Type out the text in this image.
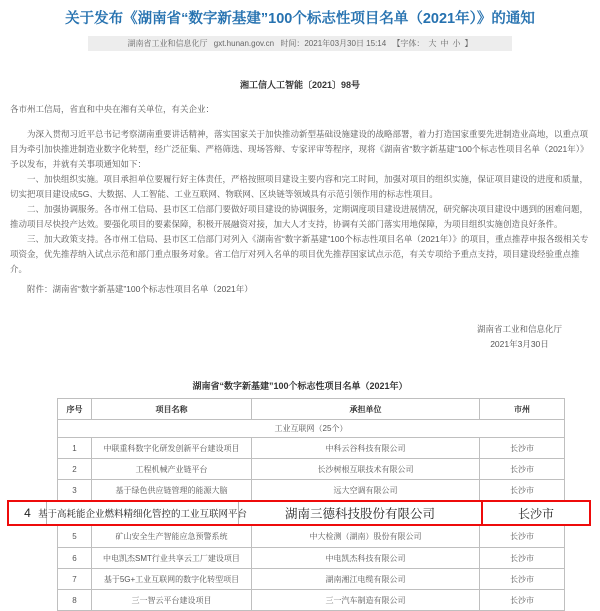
关于发布《湖南省“数字新基建”100个标志性项目名单（2021年）》的通知
湖南省工业和信息化厅 gxt.hunan.gov.cn 时间：2021年03月30日 15:14 【字体： 大 中 小 】
湘工信人工智能〔2021〕98号
各市州工信局，省直和中央在湘有关单位，有关企业：
为深入贯彻习近平总书记考察湖南重要讲话精神，落实国家关于加快推动新型基础设施建设的战略部署，着力打造国家重要先进制造业高地，以重点项目为牵引加快推进制造业数字化转型，经广泛征集、严格筛选、现场答辩、专家评审等程序，现将《湖南省“数字新基建”100个标志性项目名单（2021年）》予以发布，并就有关事项通知如下：
一、加快组织实施。项目承担单位要履行好主体责任，严格按照项目建设主要内容和完工时间，加强对项目的组织实施，保证项目建设的进度和质量，切实把项目建设成5G、大数据、人工智能、工业互联网、物联网、区块链等领域具有示范引领作用的标志性项目。
二、加强协调服务。各市州工信局、县市区工信部门要做好项目建设的协调服务，定期调度项目建设进展情况，研究解决项目建设中遇到的困难问题，推动项目尽快投产达效。要强化项目的要素保障，积极开展融资对接，加大人才支持，协调有关部门落实用地保障，为项目组织实施创造良好条件。
三、加大政策支持。各市州工信局、县市区工信部门对列入《湖南省“数字新基建”100个标志性项目名单（2021年）》的项目，重点推荐申报各级相关专项资金，优先推荐纳入试点示范和部门重点服务对象。省工信厅对列入名单的项目优先推荐国家试点示范，有关专项给予重点支持，项目建设经验重点推介。
附件：湖南省“数字新基建”100个标志性项目名单（2021年）
湖南省工业和信息化厅
2021年3月30日
湖南省“数字新基建”100个标志性项目名单（2021年）
序号	项目名称	承担单位	市州
工业互联网（25个）
1	中联重科数字化研发创新平台建设项目	中科云谷科技有限公司	长沙市
2	工程机械产业链平台	长沙树根互联技术有限公司	长沙市
3	基于绿色供应链管理的能源大脑	远大空调有限公司	长沙市
4 基于高耗能企业燃料精细化管控的工业互联网平台	湖南三德科技股份有限公司	长沙市
5	矿山安全生产智能应急预警系统	中大检测（湖南）股份有限公司	长沙市
6	中电凯杰SMT行业共享云工厂建设项目	中电凯杰科技有限公司	长沙市
7	基于5G+工业互联网的数字化转型项目	湖南湘江电缆有限公司	长沙市
8	三一智云平台建设项目	三一汽车制造有限公司	长沙市
